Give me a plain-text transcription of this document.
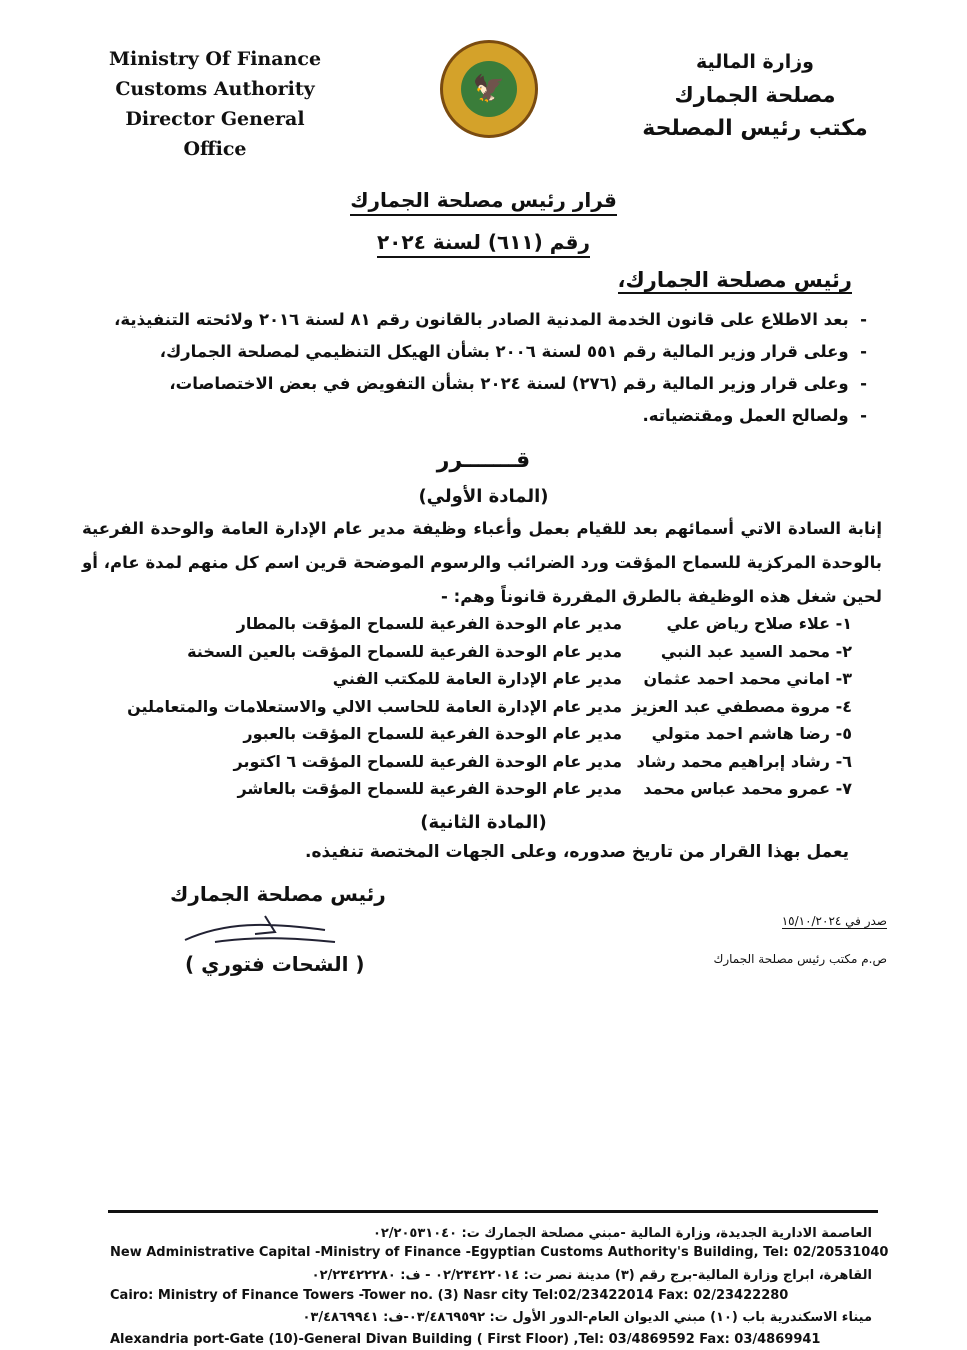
Ministry Of Finance
Customs Authority
Director General Office
🦅
وزارة المالية
مصلحة الجمارك
مكتب رئيس المصلحة
قرار رئيس مصلحة الجمارك
رقم (٦١١) لسنة ٢٠٢٤
رئيس مصلحة الجمارك،
-  بعد الاطلاع على قانون الخدمة المدنية الصادر بالقانون رقم ٨١ لسنة ٢٠١٦ ولائحته التنفيذية،
-  وعلى قرار وزير المالية رقم ٥٥١ لسنة ٢٠٠٦ بشأن الهيكل التنظيمي لمصلحة الجمارك،
-  وعلى قرار وزير المالية رقم (٢٧٦) لسنة ٢٠٢٤ بشأن التفويض في بعض الاختصاصات،
-  ولصالح العمل ومقتضياته.
قـــــــرر
(المادة الأولي)
إنابة السادة الاتي أسمائهم بعد للقيام بعمل وأعباء وظيفة مدير عام الإدارة العامة والوحدة الفرعية بالوحدة المركزية للسماح المؤقت ورد الضرائب والرسوم الموضحة قرين اسم كل منهم لمدة عام، أو لحين شغل هذه الوظيفة بالطرق المقررة قانوناً وهم: -
١- علاء صلاح رياض علي
مدير عام الوحدة الفرعية للسماح المؤقت بالمطار
٢- محمد السيد عبد النبي
مدير عام الوحدة الفرعية للسماح المؤقت بالعين السخنة
٣- اماني محمد احمد عثمان
مدير عام الإدارة العامة للمكتب الفني
٤- مروة مصطفي عبد العزيز
مدير عام الإدارة العامة للحاسب الالي والاستعلامات والمتعاملين
٥- رضا هاشم احمد متولي
مدير عام الوحدة الفرعية للسماح المؤقت بالعبور
٦- رشاد إبراهيم محمد رشاد
مدير عام الوحدة الفرعية للسماح المؤقت ٦ اكتوبر
٧- عمرو محمد عباس محمد
مدير عام الوحدة الفرعية للسماح المؤقت بالعاشر
(المادة الثانية)
يعمل بهذا القرار من تاريخ صدوره، وعلى الجهات المختصة تنفيذه.
رئيس مصلحة الجمارك
( الشحات فتوري )
صدر في ١٥/١٠/٢٠٢٤
ص.م مكتب رئيس مصلحة الجمارك
العاصمة الادارية الجديدة، وزارة المالية -مبني مصلحة الجمارك ت: ٠٢/٢٠٥٣١٠٤٠
New Administrative Capital -Ministry of Finance -Egyptian Customs Authority's Building, Tel: 02/20531040
القاهرة، ابراج وزارة المالية-برج رقم (٣) مدينة نصر ت: ٠٢/٢٣٤٢٢٠١٤ - ف: ٠٢/٢٣٤٢٢٢٨٠
Cairo: Ministry of Finance Towers -Tower no. (3) Nasr city Tel:02/23422014 Fax: 02/23422280
ميناء الاسكندرية باب (١٠) مبني الديوان العام-الدور الأول ت: ٠٣/٤٨٦٩٥٩٢-ف: ٠٣/٤٨٦٩٩٤١
Alexandria port-Gate (10)-General Divan Building ( First Floor) ,Tel: 03/4869592 Fax: 03/4869941
